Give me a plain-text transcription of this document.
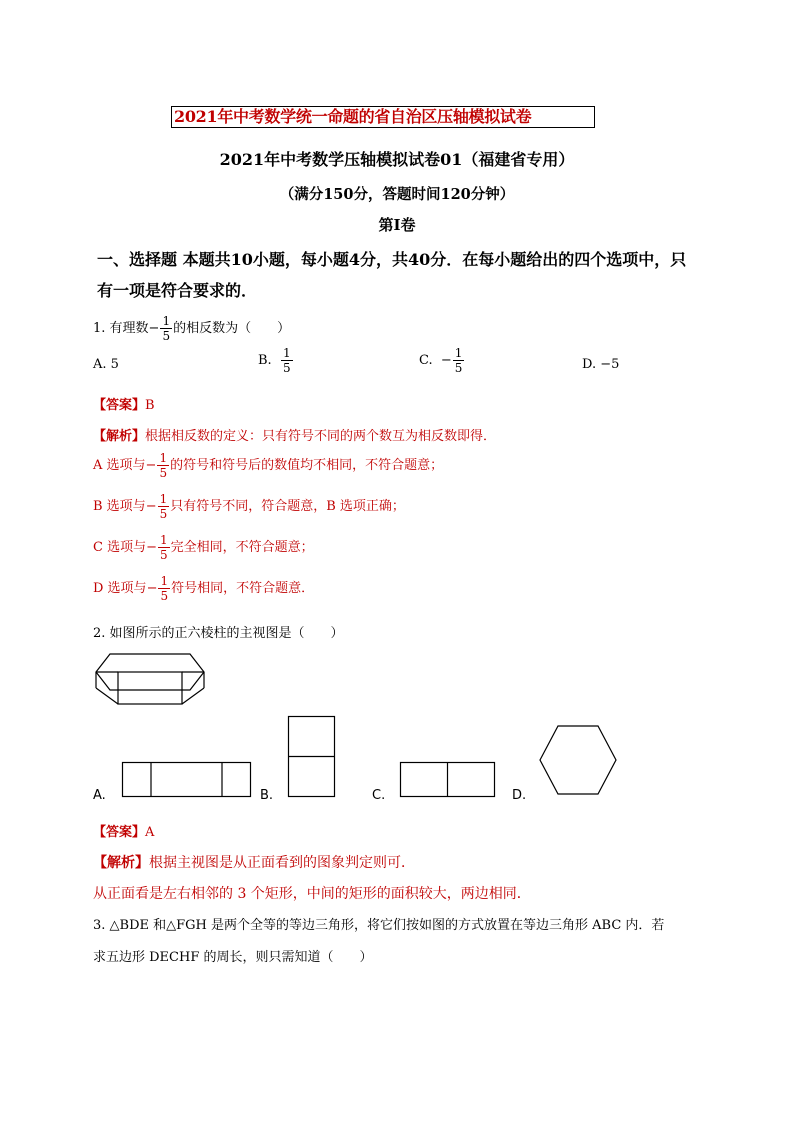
2021年中考数学统一命题的省自治区压轴模拟试卷
2021年中考数学压轴模拟试卷01（福建省专用）
（满分150分，答题时间120分钟）
第Ⅰ卷
一、选择题 本题共10小题，每小题4分，共40分．在每小题给出的四个选项中，只
有一项是符合要求的．
1. 有理数− $\frac{1}{5}$ 的相反数为（　　）
A. 5	B. $\frac{1}{5}$	C. − $\frac{1}{5}$	D. −5
【答案】B
【解析】根据相反数的定义：只有符号不同的两个数互为相反数即得．
A 选项与− $\frac{1}{5}$ 的符号和符号后的数值均不相同，不符合题意；
B 选项与− $\frac{1}{5}$ 只有符号不同，符合题意，B 选项正确；
C 选项与− $\frac{1}{5}$ 完全相同，不符合题意；
D 选项与− $\frac{1}{5}$ 符号相同，不符合题意．
2. 如图所示的正六棱柱的主视图是（　　）
A.	B.	C.	D.
【答案】A
【解析】根据主视图是从正面看到的图象判定则可．
从正面看是左右相邻的 3 个矩形，中间的矩形的面积较大，两边相同．
3. △BDE 和△FGH 是两个全等的等边三角形，将它们按如图的方式放置在等边三角形 ABC 内．若
求五边形 DECHF 的周长，则只需知道（　　）
